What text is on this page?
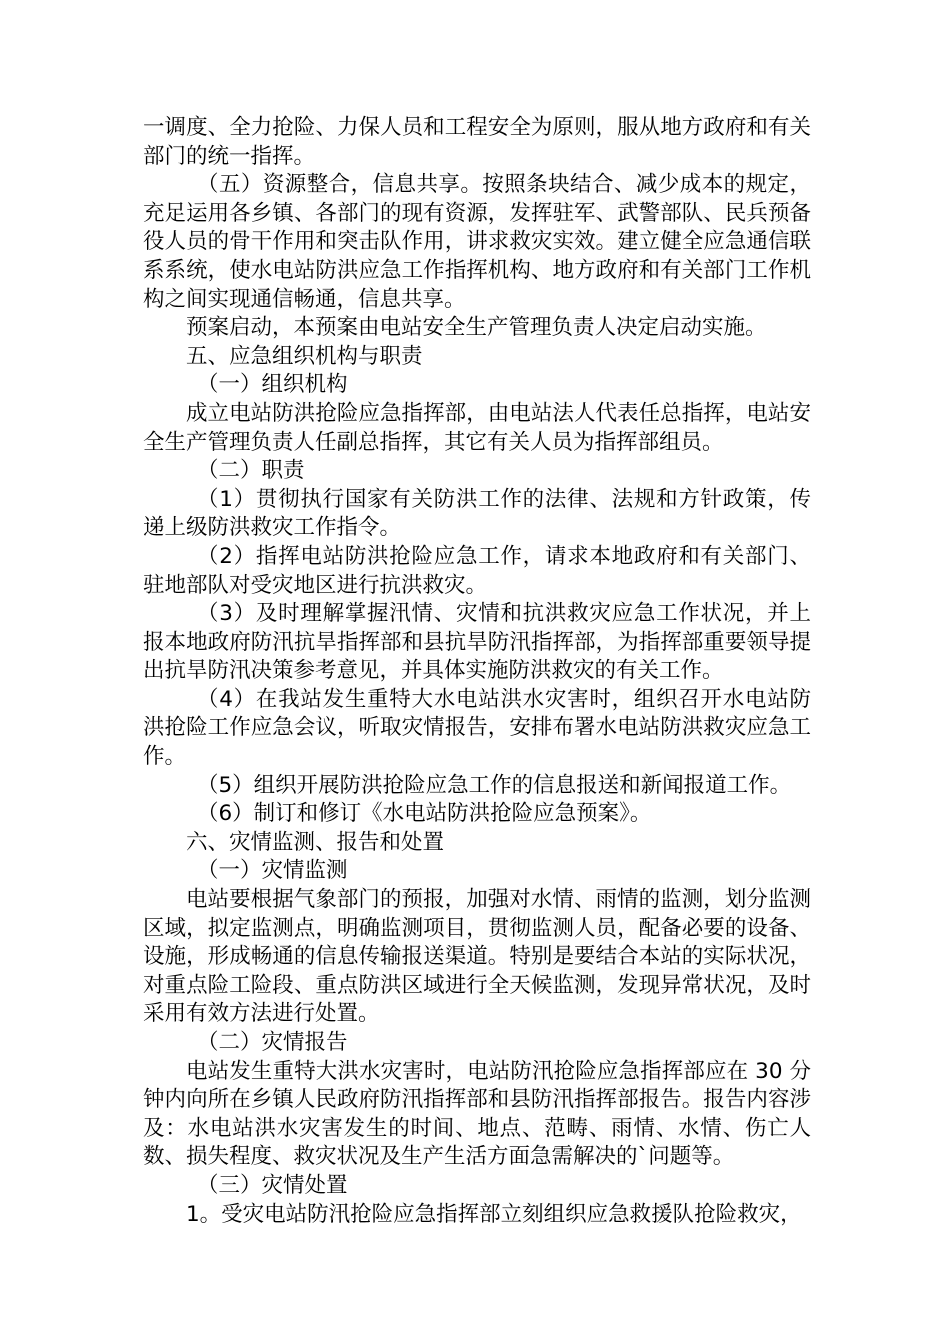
一调度、全力抢险、力保人员和工程安全为原则，服从地方政府和有关部门的统一指挥。

（五）资源整合，信息共享。按照条块结合、减少成本的规定，充足运用各乡镇、各部门的现有资源，发挥驻军、武警部队、民兵预备役人员的骨干作用和突击队作用，讲求救灾实效。建立健全应急通信联系系统，使水电站防洪应急工作指挥机构、地方政府和有关部门工作机构之间实现通信畅通，信息共享。

预案启动，本预案由电站安全生产管理负责人决定启动实施。

五、应急组织机构与职责

（一）组织机构

成立电站防洪抢险应急指挥部，由电站法人代表任总指挥，电站安全生产管理负责人任副总指挥，其它有关人员为指挥部组员。

（二）职责

（1）贯彻执行国家有关防洪工作的法律、法规和方针政策，传递上级防洪救灾工作指令。

（2）指挥电站防洪抢险应急工作，请求本地政府和有关部门、驻地部队对受灾地区进行抗洪救灾。

（3）及时理解掌握汛情、灾情和抗洪救灾应急工作状况，并上报本地政府防汛抗旱指挥部和县抗旱防汛指挥部，为指挥部重要领导提出抗旱防汛决策参考意见，并具体实施防洪救灾的有关工作。

（4）在我站发生重特大水电站洪水灾害时，组织召开水电站防洪抢险工作应急会议，听取灾情报告，安排布署水电站防洪救灾应急工作。

（5）组织开展防洪抢险应急工作的信息报送和新闻报道工作。

（6）制订和修订《水电站防洪抢险应急预案》。

六、灾情监测、报告和处置

（一）灾情监测

电站要根据气象部门的预报，加强对水情、雨情的监测，划分监测区域，拟定监测点，明确监测项目，贯彻监测人员，配备必要的设备、设施，形成畅通的信息传输报送渠道。特别是要结合本站的实际状况，对重点险工险段、重点防洪区域进行全天候监测，发现异常状况，及时采用有效方法进行处置。

（二）灾情报告

电站发生重特大洪水灾害时，电站防汛抢险应急指挥部应在 30 分钟内向所在乡镇人民政府防汛指挥部和县防汛指挥部报告。报告内容涉及：水电站洪水灾害发生的时间、地点、范畴、雨情、水情、伤亡人数、损失程度、救灾状况及生产生活方面急需解决的`问题等。

（三）灾情处置

1。受灾电站防汛抢险应急指挥部立刻组织应急救援队抢险救灾，
